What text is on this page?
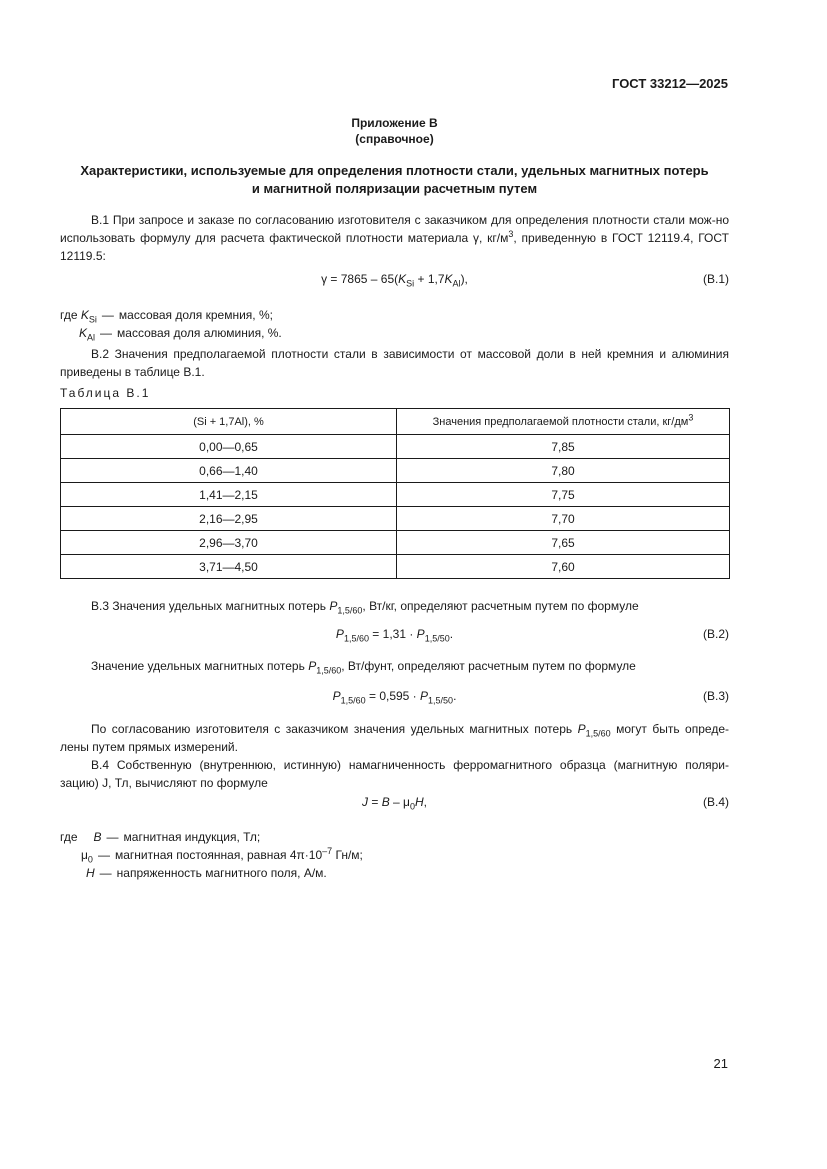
ГОСТ 33212—2025
Приложение В
(справочное)
Характеристики, используемые для определения плотности стали, удельных магнитных потерь
и магнитной поляризации расчетным путем
В.1 При запросе и заказе по согласованию изготовителя с заказчиком для определения плотности стали мож-но использовать формулу для расчета фактической плотности материала γ, $кг/м^3$, приведенную в ГОСТ 12119.4, ГОСТ 12119.5:
$\gamma = 7865 - 65(K_{Si} + 1,7K_{Al})$,	(В.1)
где $K_{Si}$ — массовая доля кремния, %;
$K_{Al}$ — массовая доля алюминия, %.
В.2 Значения предполагаемой плотности стали в зависимости от массовой доли в ней кремния и алюминия приведены в таблице В.1.
Таблица В.1
(Si + 1,7Al), %	Значения предполагаемой плотности стали, $кг/дм^3$
0,00—0,65	7,85
0,66—1,40	7,80
1,41—2,15	7,75
2,16—2,95	7,70
2,96—3,70	7,65
3,71—4,50	7,60
В.3 Значения удельных магнитных потерь $P_{1,5/60}$, Вт/кг, определяют расчетным путем по формуле
$P_{1,5/60} = 1,31 \cdot P_{1,5/50}$.	(В.2)
Значение удельных магнитных потерь $P_{1,5/60}$, Вт/фунт, определяют расчетным путем по формуле
$P_{1,5/60} = 0,595 \cdot P_{1,5/50}$.	(В.3)
По согласованию изготовителя с заказчиком значения удельных магнитных потерь $P_{1,5/60}$ могут быть опреде-лены путем прямых измерений.
В.4 Собственную (внутреннюю, истинную) намагниченность ферромагнитного образца (магнитную поляри-зацию) J, Тл, вычисляют по формуле
$J = B - \mu_0H$,	(В.4)
где B — магнитная индукция, Тл;
$\mu_0$ — магнитная постоянная, равная $4\pi\cdot 10^{-7}$ Гн/м;
H — напряженность магнитного поля, А/м.
21
